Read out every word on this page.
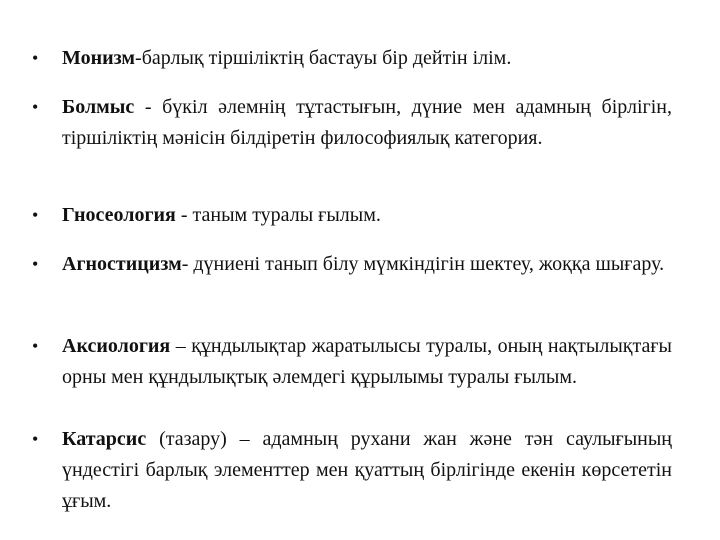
• Монизм-барлық тіршіліктің бастауы бір дейтін ілім.
• Болмыс - бүкіл әлемнің тұтастығын, дүние мен адамның бірлігін, тіршіліктің мәнісін білдіретін философиялық категория.
• Гносеология - таным туралы ғылым.
• Агностицизм- дүниені танып білу мүмкіндігін шектеу, жоққа шығару.
• Аксиология – құндылықтар жаратылысы туралы, оның нақтылықтағы орны мен құндылықтық әлемдегі құрылымы туралы ғылым.
• Катарсис (тазару) – адамның рухани жан және тән саулығының үндестігі барлық элементтер мен қуаттың бірлігінде екенін көрсететін ұғым.
